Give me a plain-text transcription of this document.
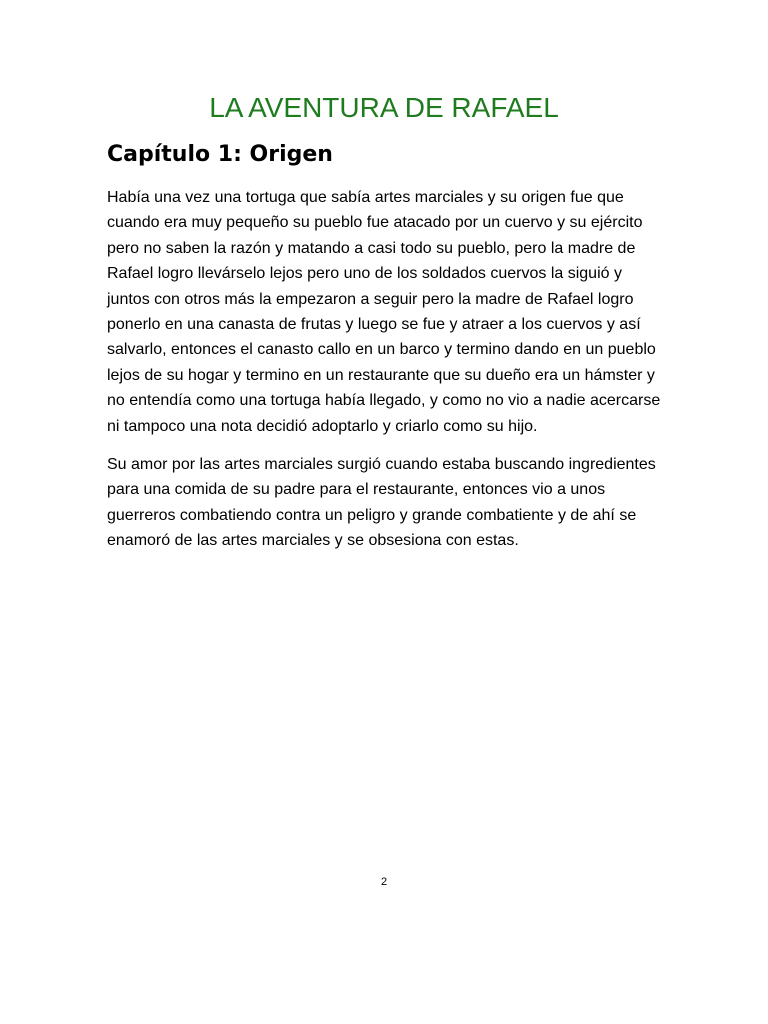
LA AVENTURA DE RAFAEL
Capítulo 1: Origen
Había una vez una tortuga que sabía artes marciales y su origen fue que
cuando era muy pequeño su pueblo fue atacado por un cuervo y su ejército
pero no saben la razón y matando a casi todo su pueblo, pero la madre de
Rafael logro llevárselo lejos pero uno de los soldados cuervos la siguió y
juntos con otros más la empezaron a seguir pero la madre de Rafael logro
ponerlo en una canasta de frutas y luego se fue y atraer a los cuervos y así
salvarlo, entonces el canasto callo en un barco y termino dando en un pueblo
lejos de su hogar y termino en un restaurante que su dueño era un hámster y
no entendía como una tortuga había llegado, y como no vio a nadie acercarse
ni tampoco una nota decidió adoptarlo y criarlo como su hijo.
Su amor por las artes marciales surgió cuando estaba buscando ingredientes
para una comida de su padre para el restaurante, entonces vio a unos
guerreros combatiendo contra un peligro y grande combatiente y de ahí se
enamoró de las artes marciales y se obsesiona con estas.
2
